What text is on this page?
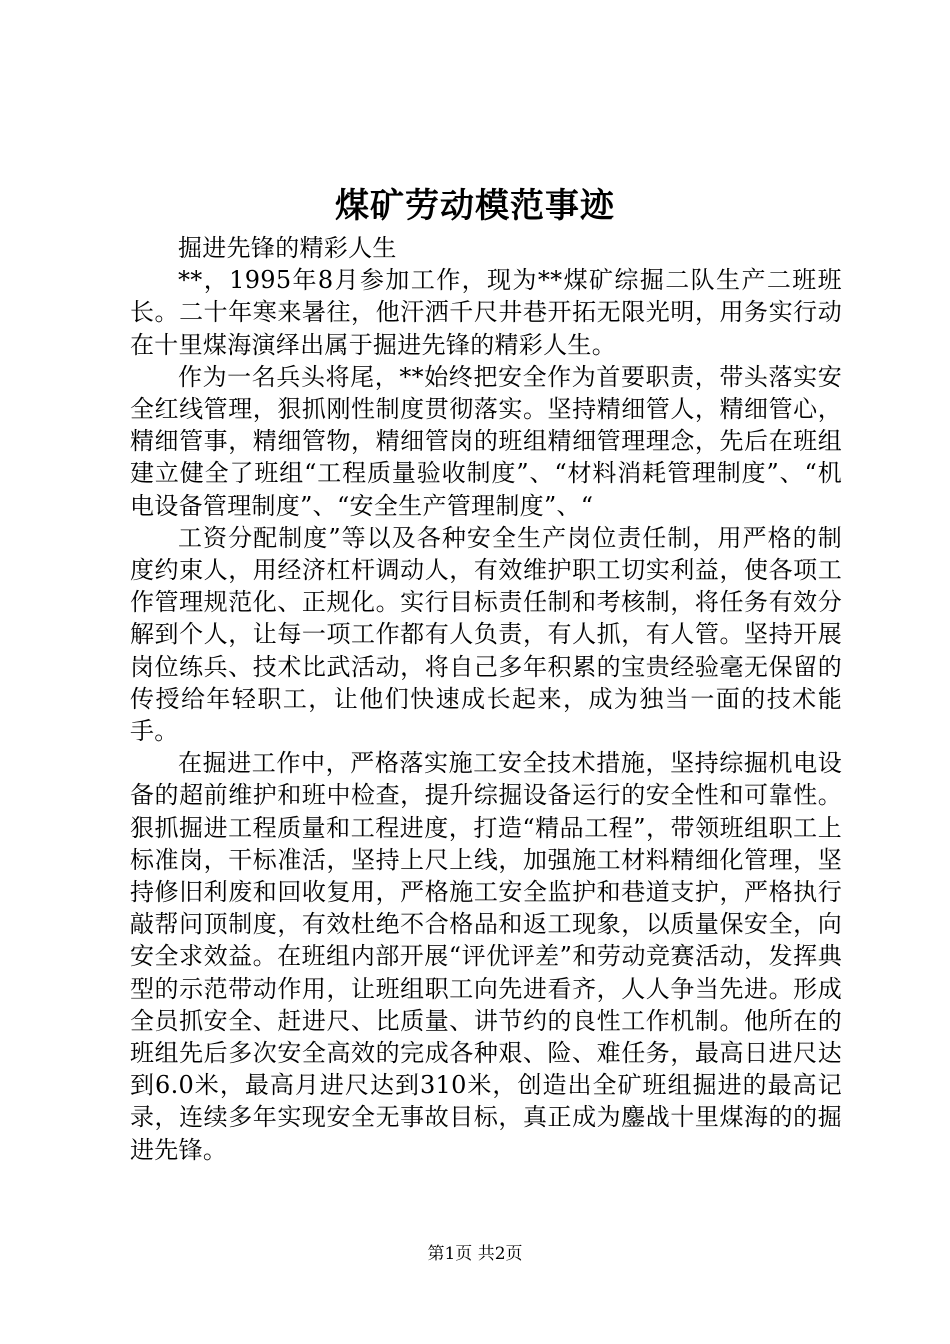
煤矿劳动模范事迹

掘进先锋的精彩人生

**，1995年8月参加工作，现为**煤矿综掘二队生产二班班长。二十年寒来暑往，他汗洒千尺井巷开拓无限光明，用务实行动在十里煤海演绎出属于掘进先锋的精彩人生。

作为一名兵头将尾，**始终把安全作为首要职责，带头落实安全红线管理，狠抓刚性制度贯彻落实。坚持精细管人，精细管心，精细管事，精细管物，精细管岗的班组精细管理理念，先后在班组建立健全了班组“工程质量验收制度”、“材料消耗管理制度”、“机电设备管理制度”、“安全生产管理制度”、“

工资分配制度”等以及各种安全生产岗位责任制，用严格的制度约束人，用经济杠杆调动人，有效维护职工切实利益，使各项工作管理规范化、正规化。实行目标责任制和考核制，将任务有效分解到个人，让每一项工作都有人负责，有人抓，有人管。坚持开展岗位练兵、技术比武活动，将自己多年积累的宝贵经验毫无保留的传授给年轻职工，让他们快速成长起来，成为独当一面的技术能手。

在掘进工作中，严格落实施工安全技术措施，坚持综掘机电设备的超前维护和班中检查，提升综掘设备运行的安全性和可靠性。狠抓掘进工程质量和工程进度，打造“精品工程”，带领班组职工上标准岗，干标准活，坚持上尺上线，加强施工材料精细化管理，坚持修旧利废和回收复用，严格施工安全监护和巷道支护，严格执行敲帮问顶制度，有效杜绝不合格品和返工现象，以质量保安全，向安全求效益。在班组内部开展“评优评差”和劳动竞赛活动，发挥典型的示范带动作用，让班组职工向先进看齐，人人争当先进。形成全员抓安全、赶进尺、比质量、讲节约的良性工作机制。他所在的班组先后多次安全高效的完成各种艰、险、难任务，最高日进尺达到6.0米，最高月进尺达到310米，创造出全矿班组掘进的最高记录，连续多年实现安全无事故目标，真正成为鏖战十里煤海的的掘进先锋。

第1页 共2页
